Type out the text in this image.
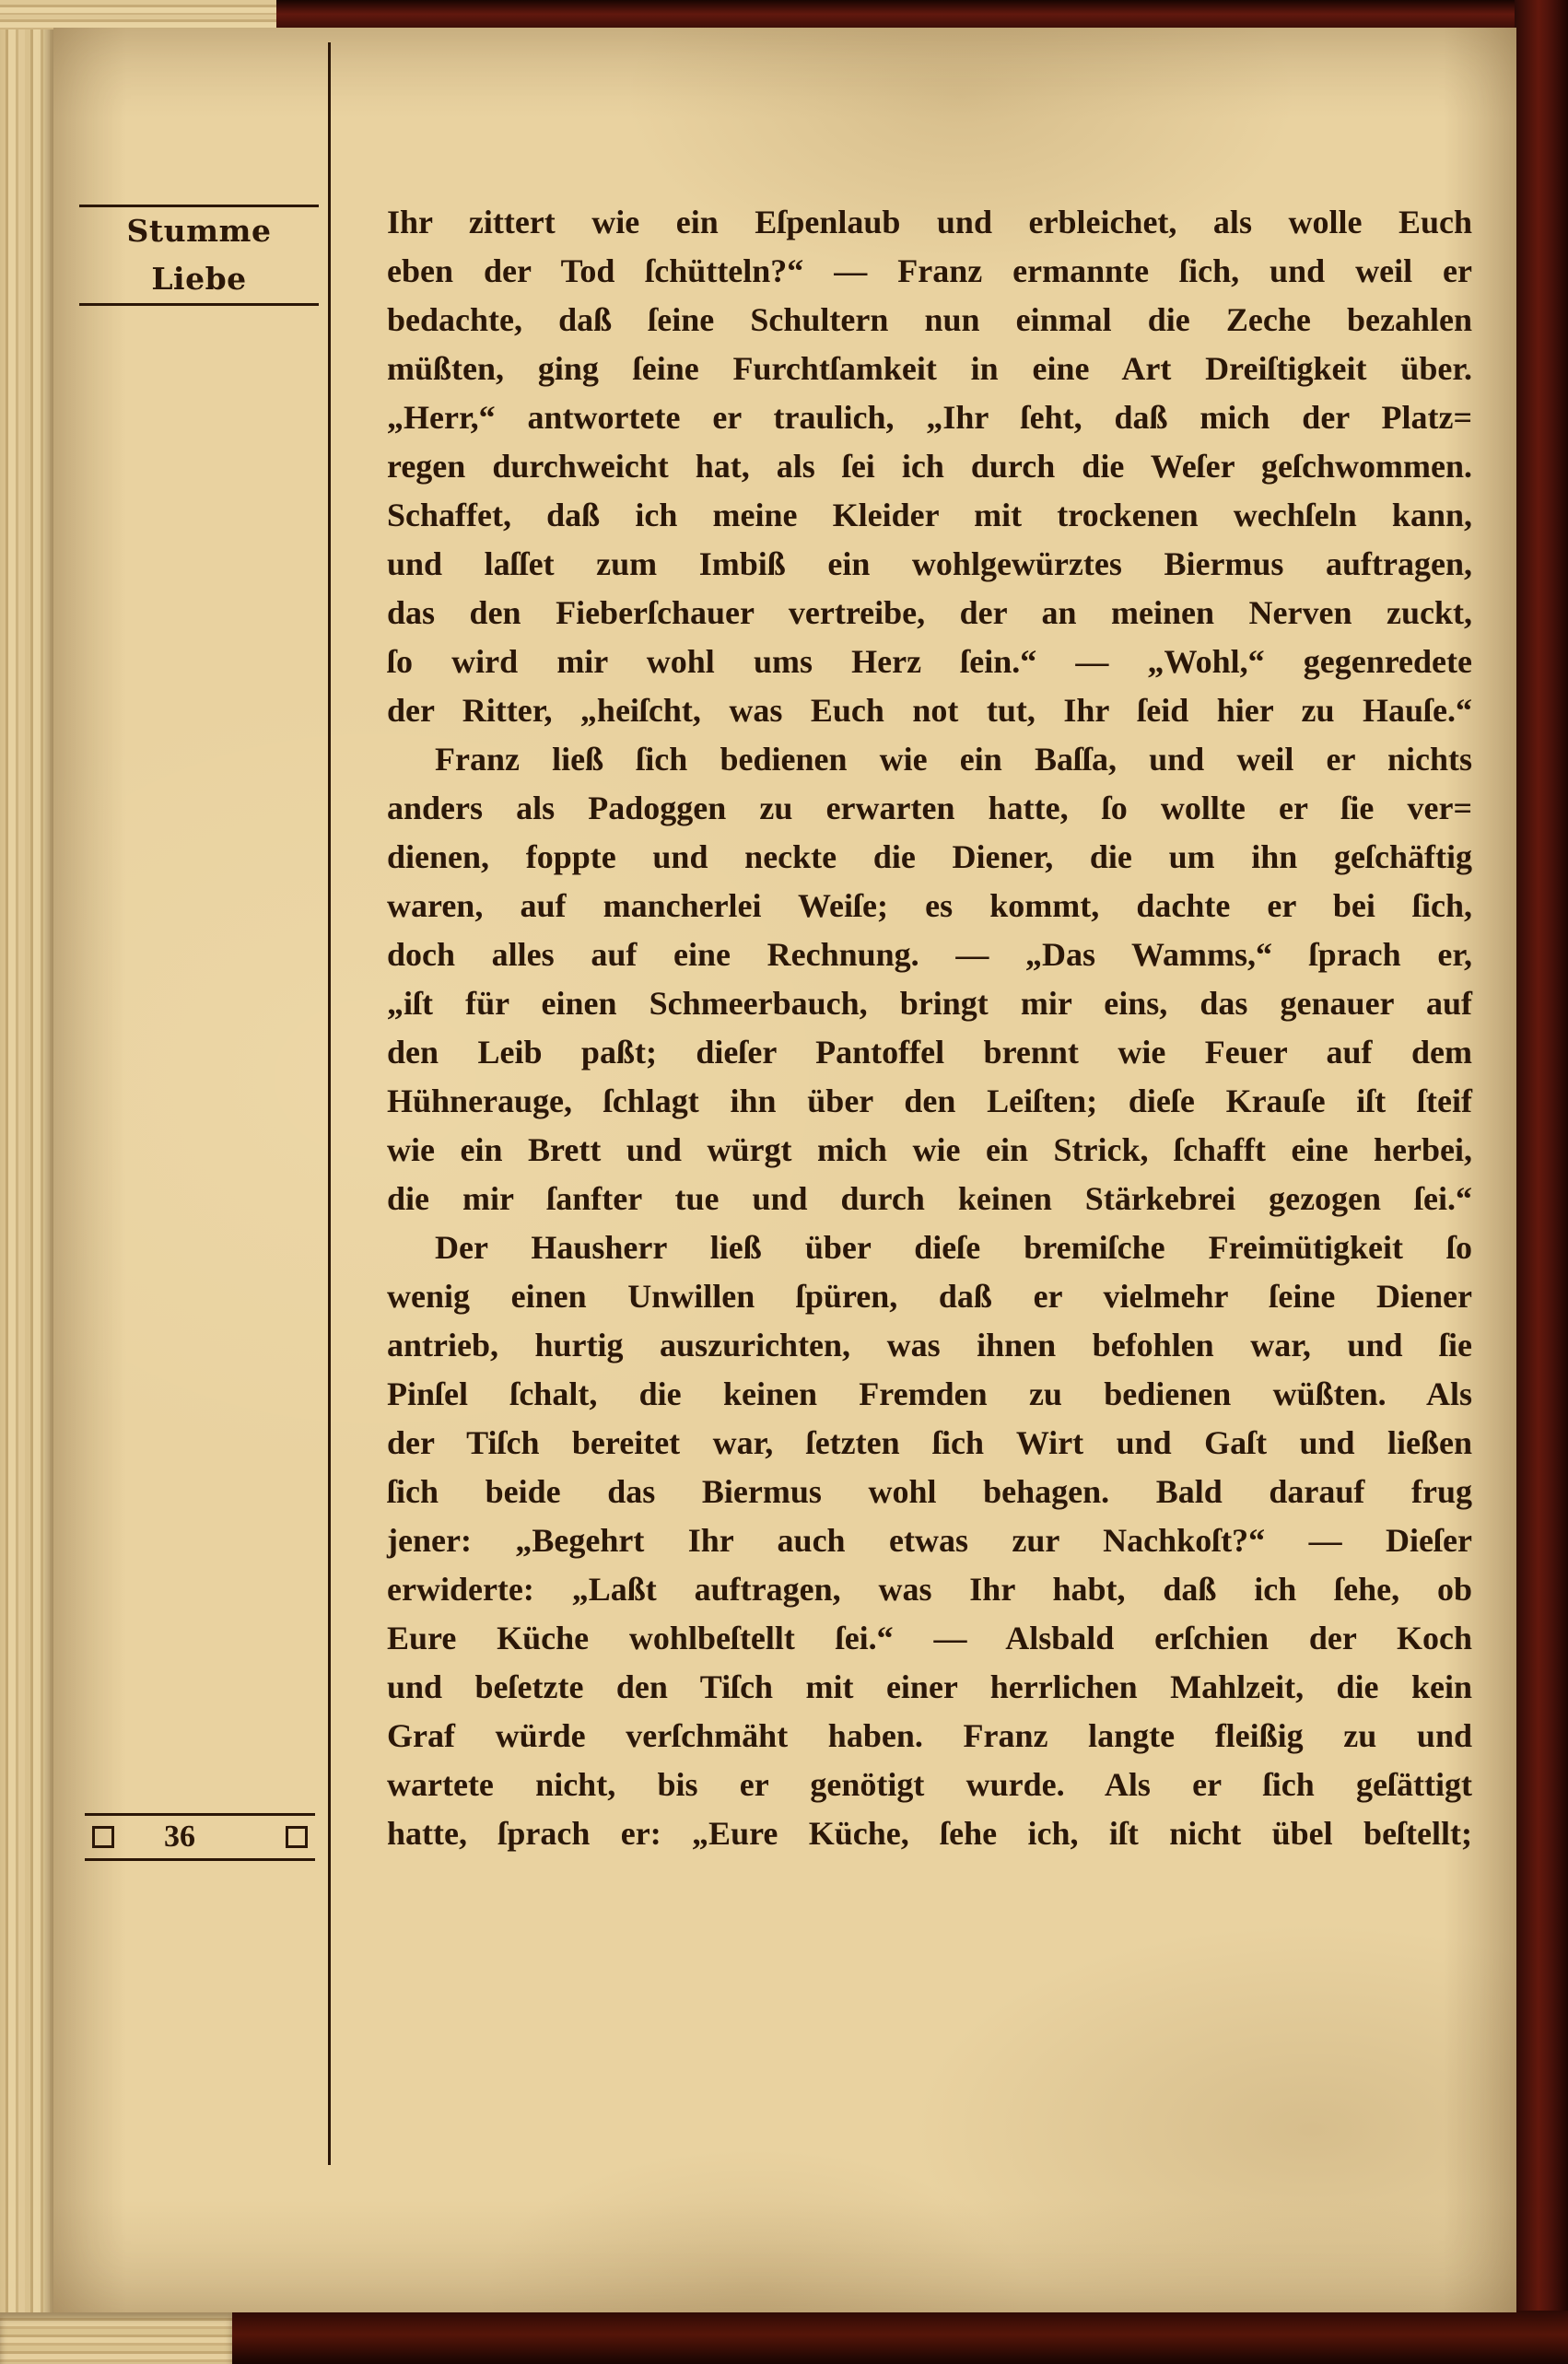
Stumme Liebe
Ihr zittert wie ein Eſpenlaub und erbleichet, als wolle Euch
eben der Tod ſchütteln?“ — Franz ermannte ſich, und weil er
bedachte, daß ſeine Schultern nun einmal die Zeche bezahlen
müßten, ging ſeine Furchtſamkeit in eine Art Dreiſtigkeit über.
„Herr,“ antwortete er traulich, „Ihr ſeht, daß mich der Platz=
regen durchweicht hat, als ſei ich durch die Weſer geſchwommen.
Schaffet, daß ich meine Kleider mit trockenen wechſeln kann,
und laſſet zum Imbiß ein wohlgewürztes Biermus auftragen,
das den Fieberſchauer vertreibe, der an meinen Nerven zuckt,
ſo wird mir wohl ums Herz ſein.“ — „Wohl,“ gegenredete
der Ritter, „heiſcht, was Euch not tut, Ihr ſeid hier zu Hauſe.“
Franz ließ ſich bedienen wie ein Baſſa, und weil er nichts
anders als Padoggen zu erwarten hatte, ſo wollte er ſie ver=
dienen, foppte und neckte die Diener, die um ihn geſchäftig
waren, auf mancherlei Weiſe; es kommt, dachte er bei ſich,
doch alles auf eine Rechnung. — „Das Wamms,“ ſprach er,
„iſt für einen Schmeerbauch, bringt mir eins, das genauer auf
den Leib paßt; dieſer Pantoffel brennt wie Feuer auf dem
Hühnerauge, ſchlagt ihn über den Leiſten; dieſe Krauſe iſt ſteif
wie ein Brett und würgt mich wie ein Strick, ſchafft eine herbei,
die mir ſanfter tue und durch keinen Stärkebrei gezogen ſei.“
Der Hausherr ließ über dieſe bremiſche Freimütigkeit ſo
wenig einen Unwillen ſpüren, daß er vielmehr ſeine Diener
antrieb, hurtig auszurichten, was ihnen befohlen war, und ſie
Pinſel ſchalt, die keinen Fremden zu bedienen wüßten. Als
der Tiſch bereitet war, ſetzten ſich Wirt und Gaſt und ließen
ſich beide das Biermus wohl behagen. Bald darauf frug
jener: „Begehrt Ihr auch etwas zur Nachkoſt?“ — Dieſer
erwiderte: „Laßt auftragen, was Ihr habt, daß ich ſehe, ob
Eure Küche wohlbeſtellt ſei.“ — Alsbald erſchien der Koch
und beſetzte den Tiſch mit einer herrlichen Mahlzeit, die kein
Graf würde verſchmäht haben. Franz langte fleißig zu und
wartete nicht, bis er genötigt wurde. Als er ſich geſättigt
hatte, ſprach er: „Eure Küche, ſehe ich, iſt nicht übel beſtellt;
36
